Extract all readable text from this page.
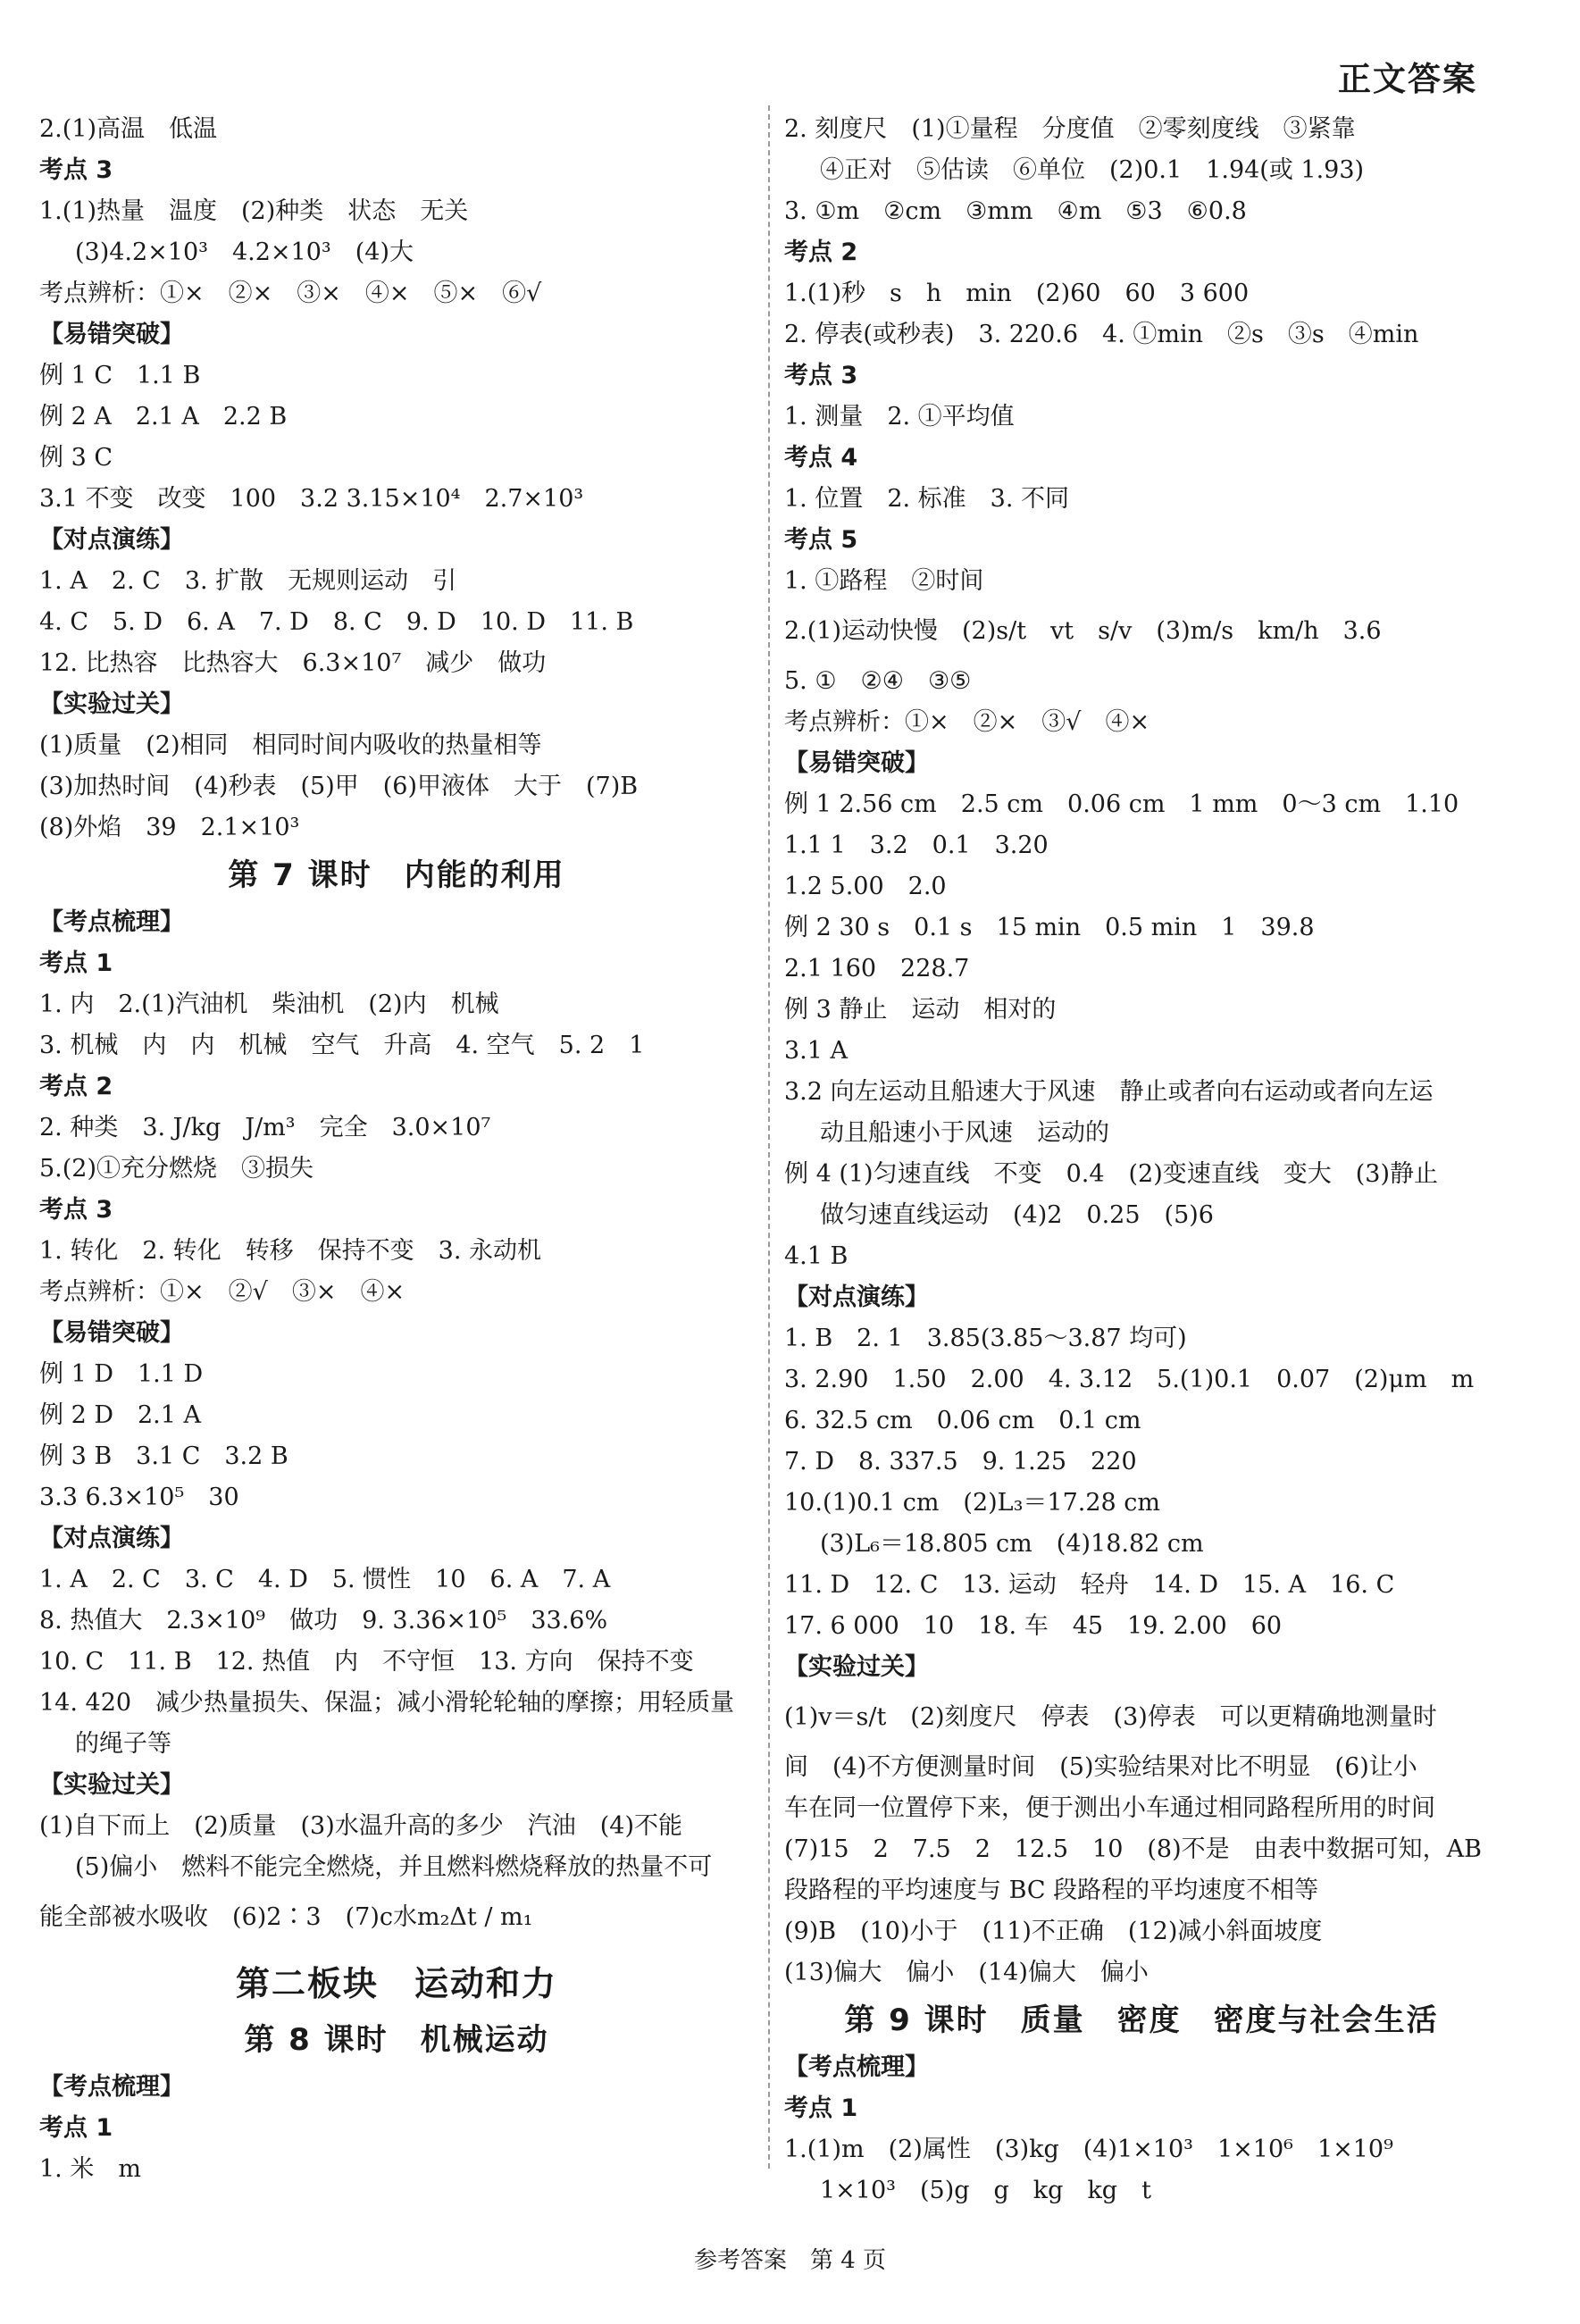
正文答案
2.(1)高温　低温
考点 3
1.(1)热量　温度　(2)种类　状态　无关
(3)4.2×10³　4.2×10³　(4)大
考点辨析：①×　②×　③×　④×　⑤×　⑥√
【易错突破】
例 1 C　1.1 B
例 2 A　2.1 A　2.2 B
例 3 C
3.1 不变　改变　100　3.2 3.15×10⁴　2.7×10³
【对点演练】
1. A　2. C　3. 扩散　无规则运动　引
4. C　5. D　6. A　7. D　8. C　9. D　10. D　11. B
12. 比热容　比热容大　6.3×10⁷　减少　做功
【实验过关】
(1)质量　(2)相同　相同时间内吸收的热量相等
(3)加热时间　(4)秒表　(5)甲　(6)甲液体　大于　(7)B
(8)外焰　39　2.1×10³
第 7 课时　内能的利用
【考点梳理】
考点 1
1. 内　2.(1)汽油机　柴油机　(2)内　机械
3. 机械　内　内　机械　空气　升高　4. 空气　5. 2　1
考点 2
2. 种类　3. J/kg　J/m³　完全　3.0×10⁷
5.(2)①充分燃烧　③损失
考点 3
1. 转化　2. 转化　转移　保持不变　3. 永动机
考点辨析：①×　②√　③×　④×
【易错突破】
例 1 D　1.1 D
例 2 D　2.1 A
例 3 B　3.1 C　3.2 B
3.3 6.3×10⁵　30
【对点演练】
1. A　2. C　3. C　4. D　5. 惯性　10　6. A　7. A
8. 热值大　2.3×10⁹　做功　9. 3.36×10⁵　33.6%
10. C　11. B　12. 热值　内　不守恒　13. 方向　保持不变
14. 420　减少热量损失、保温；减小滑轮轮轴的摩擦；用轻质量
的绳子等
【实验过关】
(1)自下而上　(2)质量　(3)水温升高的多少　汽油　(4)不能
(5)偏小　燃料不能完全燃烧，并且燃料燃烧释放的热量不可
能全部被水吸收　(6)2∶3　(7)c水m₂Δt / m₁
第二板块　运动和力
第 8 课时　机械运动
【考点梳理】
考点 1
1. 米　m
2. 刻度尺　(1)①量程　分度值　②零刻度线　③紧靠
④正对　⑤估读　⑥单位　(2)0.1　1.94(或 1.93)
3. ①m　②cm　③mm　④m　⑤3　⑥0.8
考点 2
1.(1)秒　s　h　min　(2)60　60　3 600
2. 停表(或秒表)　3. 220.6　4. ①min　②s　③s　④min
考点 3
1. 测量　2. ①平均值
考点 4
1. 位置　2. 标准　3. 不同
考点 5
1. ①路程　②时间
2.(1)运动快慢　(2)s/t　vt　s/v　(3)m/s　km/h　3.6
5. ①　②④　③⑤
考点辨析：①×　②×　③√　④×
【易错突破】
例 1 2.56 cm　2.5 cm　0.06 cm　1 mm　0～3 cm　1.10
1.1 1　3.2　0.1　3.20
1.2 5.00　2.0
例 2 30 s　0.1 s　15 min　0.5 min　1　39.8
2.1 160　228.7
例 3 静止　运动　相对的
3.1 A
3.2 向左运动且船速大于风速　静止或者向右运动或者向左运
动且船速小于风速　运动的
例 4 (1)匀速直线　不变　0.4　(2)变速直线　变大　(3)静止
做匀速直线运动　(4)2　0.25　(5)6
4.1 B
【对点演练】
1. B　2. 1　3.85(3.85～3.87 均可)
3. 2.90　1.50　2.00　4. 3.12　5.(1)0.1　0.07　(2)μm　m
6. 32.5 cm　0.06 cm　0.1 cm
7. D　8. 337.5　9. 1.25　220
10.(1)0.1 cm　(2)L₃＝17.28 cm
(3)L₆＝18.805 cm　(4)18.82 cm
11. D　12. C　13. 运动　轻舟　14. D　15. A　16. C
17. 6 000　10　18. 车　45　19. 2.00　60
【实验过关】
(1)v＝s/t　(2)刻度尺　停表　(3)停表　可以更精确地测量时
间　(4)不方便测量时间　(5)实验结果对比不明显　(6)让小
车在同一位置停下来，便于测出小车通过相同路程所用的时间
(7)15　2　7.5　2　12.5　10　(8)不是　由表中数据可知，AB
段路程的平均速度与 BC 段路程的平均速度不相等
(9)B　(10)小于　(11)不正确　(12)减小斜面坡度
(13)偏大　偏小　(14)偏大　偏小
第 9 课时　质量　密度　密度与社会生活
【考点梳理】
考点 1
1.(1)m　(2)属性　(3)kg　(4)1×10³　1×10⁶　1×10⁹
1×10³　(5)g　g　kg　kg　t
参考答案　第 4 页
